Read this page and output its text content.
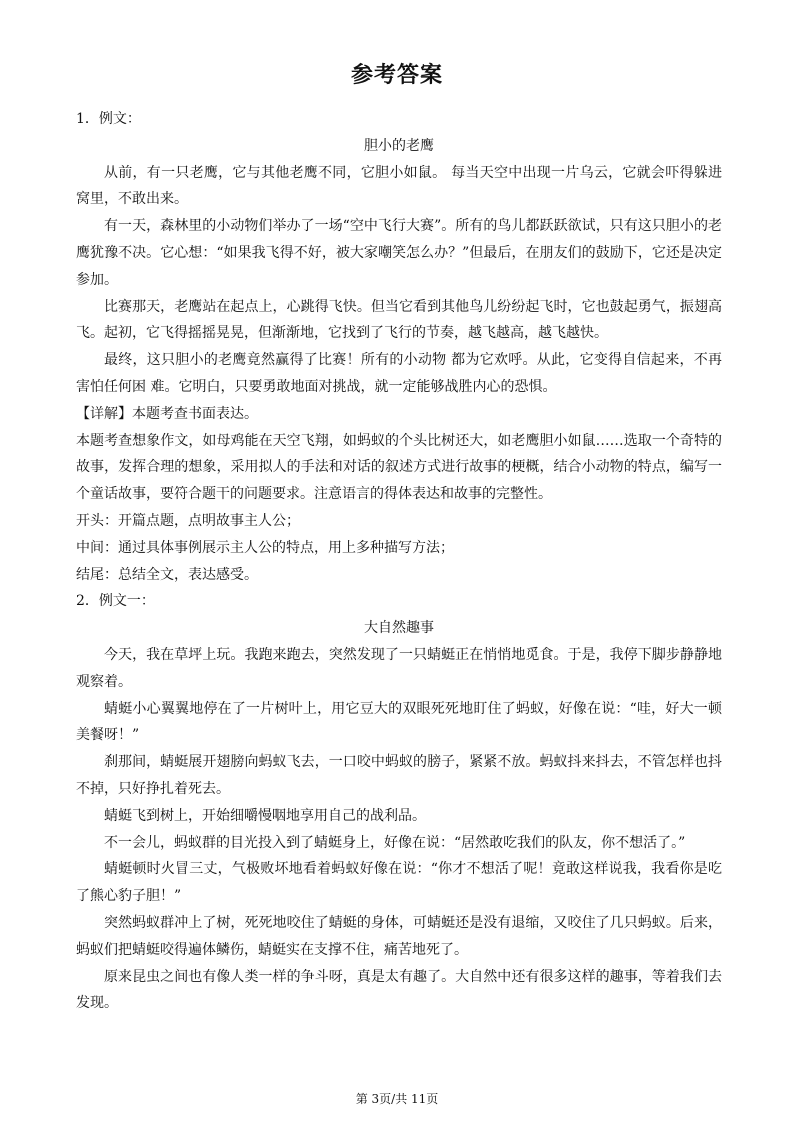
参考答案

1．例文：

胆小的老鹰

从前，有一只老鹰，它与其他老鹰不同，它胆小如鼠。 每当天空中出现一片乌云，它就会吓得躲进窝里，不敢出来。

有一天，森林里的小动物们举办了一场“空中飞行大赛”。所有的鸟儿都跃跃欲试，只有这只胆小的老鹰犹豫不决。它心想：“如果我飞得不好，被大家嘲笑怎么办？”但最后，在朋友们的鼓励下，它还是决定参加。

比赛那天，老鹰站在起点上，心跳得飞快。但当它看到其他鸟儿纷纷起飞时，它也鼓起勇气，振翅高飞。起初，它飞得摇摇晃晃，但渐渐地，它找到了飞行的节奏，越飞越高，越飞越快。

最终，这只胆小的老鹰竟然赢得了比赛！所有的小动物 都为它欢呼。从此，它变得自信起来，不再害怕任何困 难。它明白，只要勇敢地面对挑战，就一定能够战胜内心的恐惧。

【详解】本题考查书面表达。

本题考查想象作文，如母鸡能在天空飞翔，如蚂蚁的个头比树还大，如老鹰胆小如鼠……选取一个奇特的故事，发挥合理的想象，采用拟人的手法和对话的叙述方式进行故事的梗概，结合小动物的特点，编写一个童话故事，要符合题干的问题要求。注意语言的得体表达和故事的完整性。

开头：开篇点题，点明故事主人公；

中间：通过具体事例展示主人公的特点，用上多种描写方法；

结尾：总结全文，表达感受。

2．例文一：

大自然趣事

今天，我在草坪上玩。我跑来跑去，突然发现了一只蜻蜓正在悄悄地觅食。于是，我停下脚步静静地观察着。

蜻蜓小心翼翼地停在了一片树叶上，用它豆大的双眼死死地盯住了蚂蚁，好像在说：“哇，好大一顿美餐呀！”

刹那间，蜻蜓展开翅膀向蚂蚁飞去，一口咬中蚂蚁的膀子，紧紧不放。蚂蚁抖来抖去，不管怎样也抖不掉，只好挣扎着死去。

蜻蜓飞到树上，开始细嚼慢咽地享用自己的战利品。

不一会儿，蚂蚁群的目光投入到了蜻蜓身上，好像在说：“居然敢吃我们的队友，你不想活了。”

蜻蜓顿时火冒三丈，气极败坏地看着蚂蚁好像在说：“你才不想活了呢！竟敢这样说我，我看你是吃了熊心豹子胆！”

突然蚂蚁群冲上了树，死死地咬住了蜻蜓的身体，可蜻蜓还是没有退缩，又咬住了几只蚂蚁。后来，蚂蚁们把蜻蜓咬得遍体鳞伤，蜻蜓实在支撑不住，痛苦地死了。

原来昆虫之间也有像人类一样的争斗呀，真是太有趣了。大自然中还有很多这样的趣事，等着我们去发现。

第 3页/共 11页
